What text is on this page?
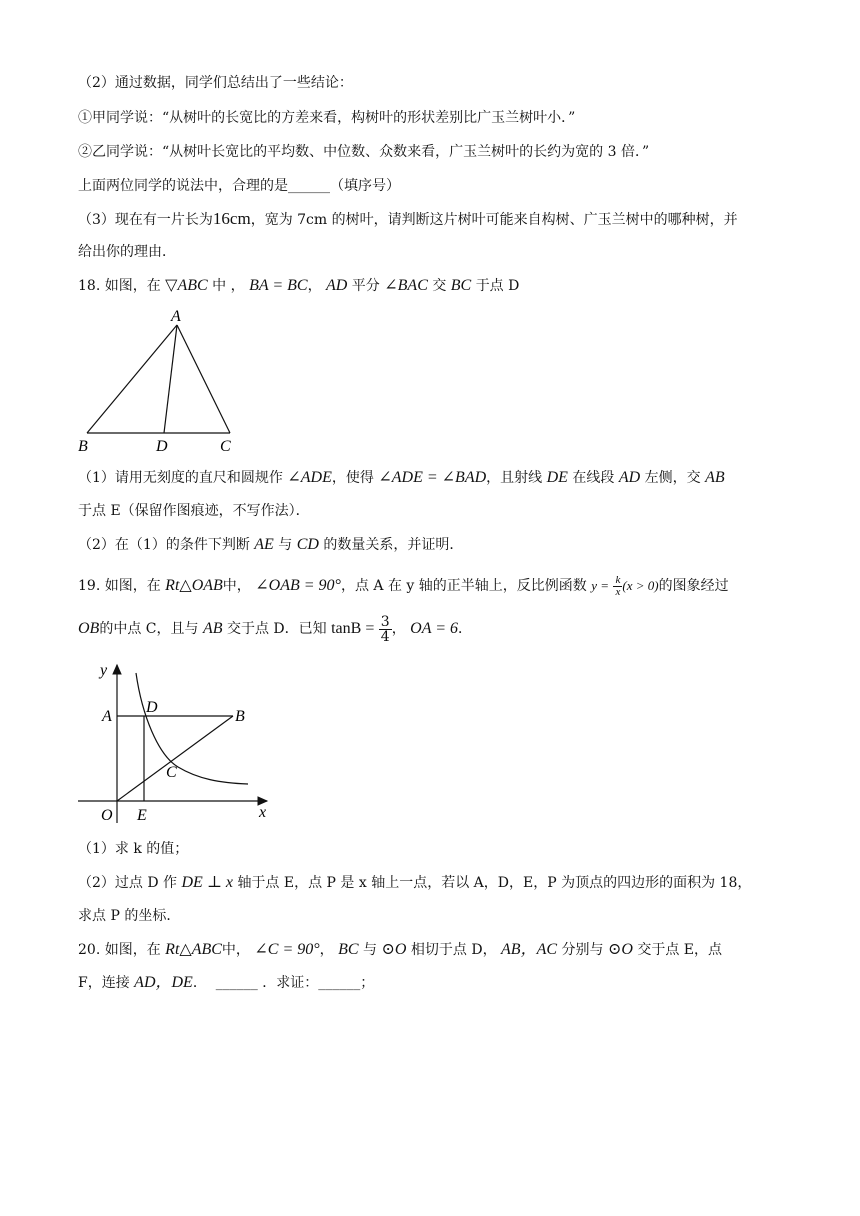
（2）通过数据，同学们总结出了一些结论：
①甲同学说：“从树叶的长宽比的方差来看，构树叶的形状差别比广玉兰树叶小．”
②乙同学说：“从树叶长宽比的平均数、中位数、众数来看，广玉兰树叶的长约为宽的 3 倍．”
上面两位同学的说法中，合理的是______（填序号）
（3）现在有一片长为16cm，宽为 7cm 的树叶，请判断这片树叶可能来自构树、广玉兰树中的哪种树，并
给出你的理由．
18. 如图，在 ▽ABC 中 ， BA = BC， AD 平分 ∠BAC 交 BC 于点 D
A
B	D	C
（1）请用无刻度的直尺和圆规作 ∠ADE，使得 ∠ADE = ∠BAD，且射线 DE 在线段 AD 左侧，交 AB
于点 E（保留作图痕迹，不写作法）．
（2）在（1）的条件下判断 AE 与 CD 的数量关系，并证明．
19. 如图，在 Rt△OAB中， ∠OAB = 90°，点 A 在 y 轴的正半轴上，反比例函数 $y = \frac{k}{x} (x > 0)$的图象经过
OB的中点 C，且与 AB 交于点 D．已知 $\tan B = \frac{3}{4}$ ， OA = 6．
y
x
O
A
D
B
C
E
（1）求 k 的值；
（2）过点 D 作 DE ⊥ x 轴于点 E，点 P 是 x 轴上一点，若以 A，D，E，P 为顶点的四边形的面积为 18，
求点 P 的坐标．
20. 如图，在 Rt△ABC中， ∠C = 90°， BC 与 ⊙O 相切于点 D， AB，AC 分别与 ⊙O 交于点 E，点
F，连接 AD，DE． ______ ．求证：______；
